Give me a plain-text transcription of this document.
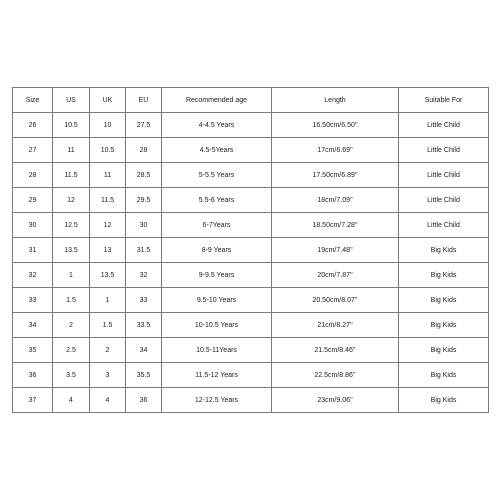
Size	US	UK	EU	Recommended age	Length	Suitable For
26	10.5	10	27.5	4-4.5 Years	16.50cm/6.50''	Little Child
27	11	10.5	28	4.5-5Years	17cm/6.69''	Little Child
28	11.5	11	28.5	5-5.5 Years	17.50cm/6.89''	Little Child
29	12	11.5	29.5	5.5-6 Years	18cm/7.09''	Little Child
30	12.5	12	30	6-7Years	18.50cm/7.28''	Little Child
31	13.5	13	31.5	8-9 Years	19cm/7.48''	Big Kids
32	1	13.5	32	9-9.5 Years	20cm/7.87''	Big Kids
33	1.5	1	33	9.5-10 Years	20.50cm/8.07''	Big Kids
34	2	1.5	33.5	10-10.5 Years	21cm/8.27''	Big Kids
35	2.5	2	34	10.5-11Years	21.5cm/8.46''	Big Kids
36	3.5	3	35.5	11.5-12 Years	22.5cm/8.86''	Big Kids
37	4	4	36	12-12.5 Years	23cm/9.06''	Big Kids
